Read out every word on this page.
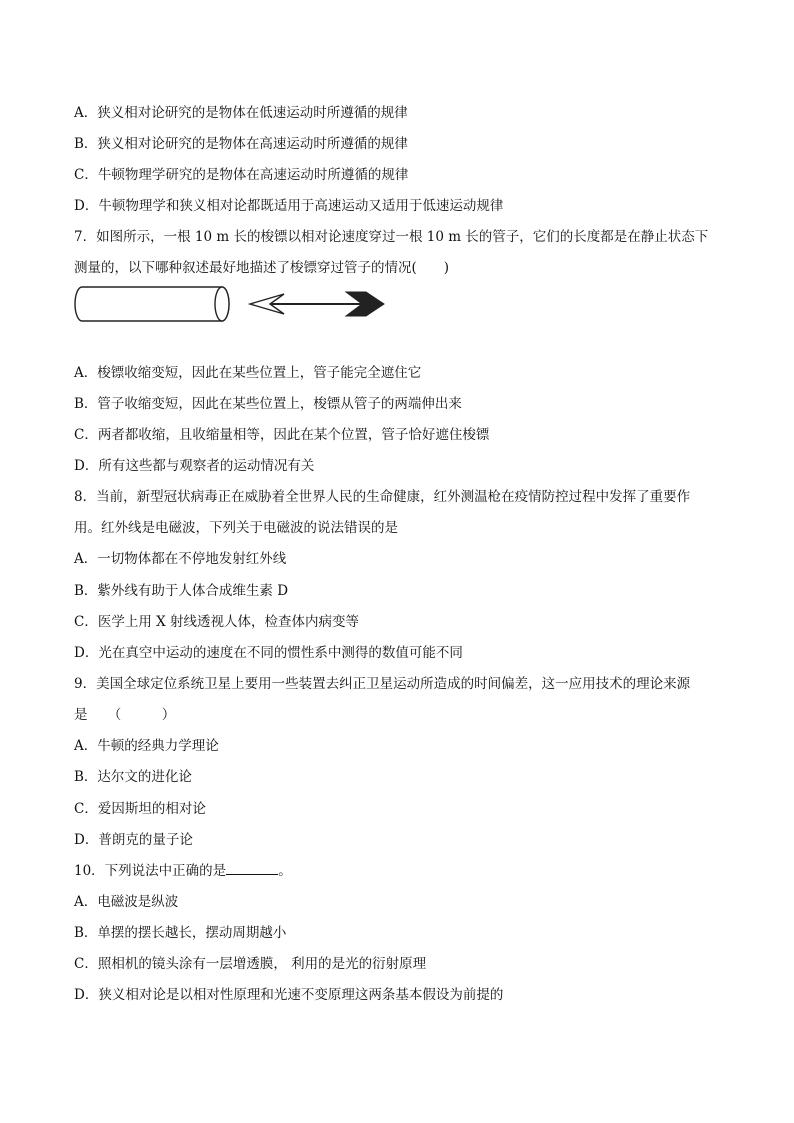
A．狭义相对论研究的是物体在低速运动时所遵循的规律
B．狭义相对论研究的是物体在高速运动时所遵循的规律
C．牛顿物理学研究的是物体在高速运动时所遵循的规律
D．牛顿物理学和狭义相对论都既适用于高速运动又适用于低速运动规律
7．如图所示，一根 10 m 长的梭镖以相对论速度穿过一根 10 m 长的管子，它们的长度都是在静止状态下
测量的，以下哪种叙述最好地描述了梭镖穿过管子的情况(　　)
A．梭镖收缩变短，因此在某些位置上，管子能完全遮住它
B．管子收缩变短，因此在某些位置上，梭镖从管子的两端伸出来
C．两者都收缩，且收缩量相等，因此在某个位置，管子恰好遮住梭镖
D．所有这些都与观察者的运动情况有关
8．当前，新型冠状病毒正在威胁着全世界人民的生命健康，红外测温枪在疫情防控过程中发挥了重要作
用。红外线是电磁波，下列关于电磁波的说法错误的是
A．一切物体都在不停地发射红外线
B．紫外线有助于人体合成维生素 D
C．医学上用 X 射线透视人体，检查体内病变等
D．光在真空中运动的速度在不同的惯性系中测得的数值可能不同
9．美国全球定位系统卫星上要用一些装置去纠正卫星运动所造成的时间偏差，这一应用技术的理论来源
是　　（　　　）
A．牛顿的经典力学理论
B．达尔文的进化论
C．爱因斯坦的相对论
D．普朗克的量子论
10．下列说法中正确的是	。
A．电磁波是纵波
B．单摆的摆长越长，摆动周期越小
C．照相机的镜头涂有一层增透膜， 利用的是光的衍射原理
D．狭义相对论是以相对性原理和光速不变原理这两条基本假设为前提的
